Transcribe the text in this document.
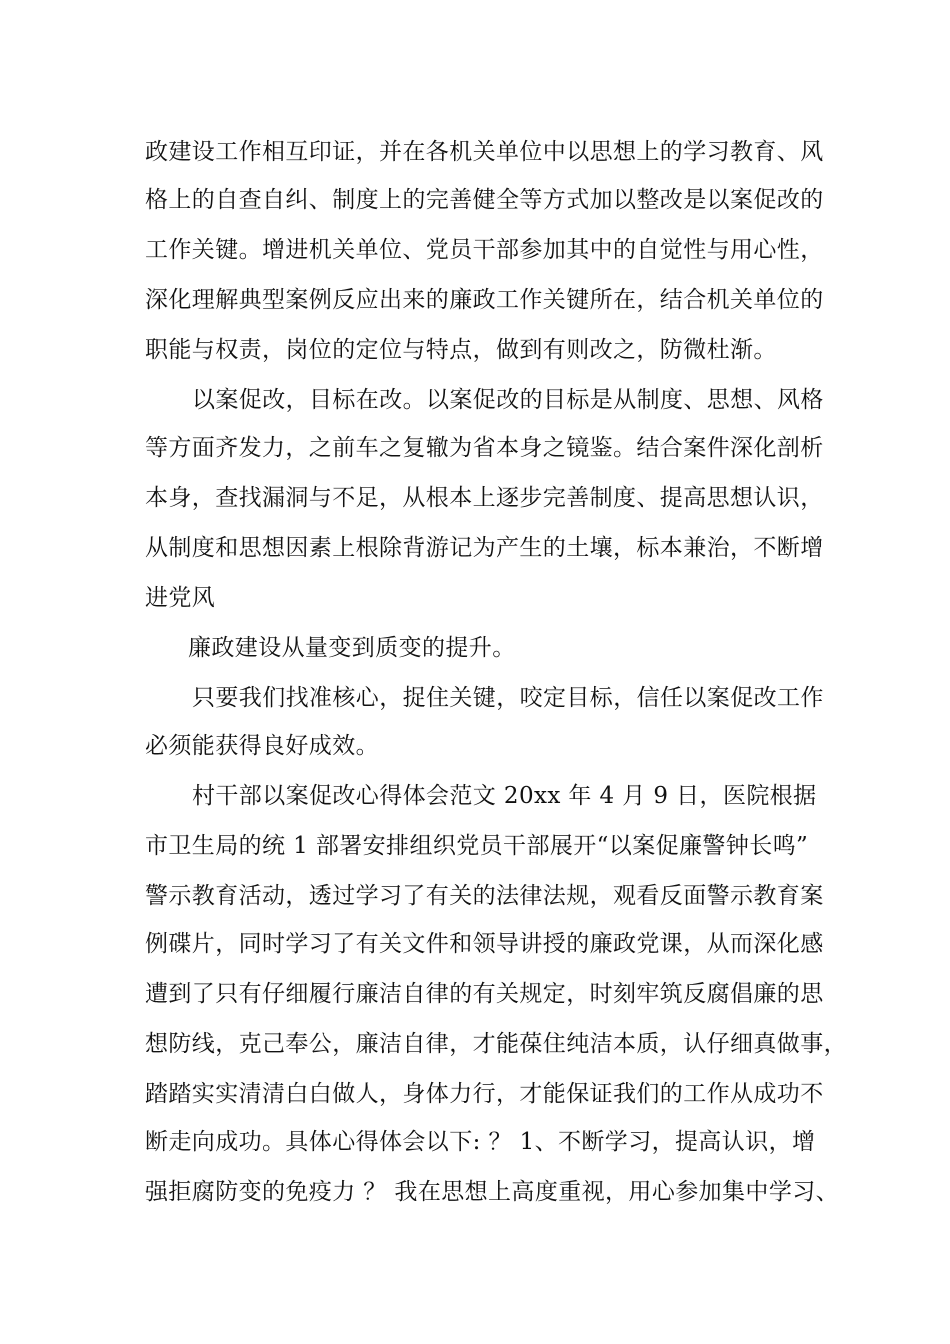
政建设工作相互印证，并在各机关单位中以思想上的学习教育、风
格上的自查自纠、制度上的完善健全等方式加以整改是以案促改的
工作关键。增进机关单位、党员干部参加其中的自觉性与用心性，
深化理解典型案例反应出来的廉政工作关键所在，结合机关单位的
职能与权责，岗位的定位与特点，做到有则改之，防微杜渐。
以案促改，目标在改。以案促改的目标是从制度、思想、风格
等方面齐发力，之前车之复辙为省本身之镜鉴。结合案件深化剖析
本身，查找漏洞与不足，从根本上逐步完善制度、提高思想认识，
从制度和思想因素上根除背游记为产生的土壤，标本兼治，不断增
进党风
廉政建设从量变到质变的提升。
只要我们找准核心，捉住关键，咬定目标，信任以案促改工作
必须能获得良好成效。
村干部以案促改心得体会范文 20xx 年 4 月 9 日，医院根据
市卫生局的统 1 部署安排组织党员干部展开“以案促廉警钟长鸣”
警示教育活动，透过学习了有关的法律法规，观看反面警示教育案
例碟片，同时学习了有关文件和领导讲授的廉政党课，从而深化感
遭到了只有仔细履行廉洁自律的有关规定，时刻牢筑反腐倡廉的思
想防线，克己奉公，廉洁自律，才能葆住纯洁本质，认仔细真做事，
踏踏实实清清白白做人，身体力行，才能保证我们的工作从成功不
断走向成功。具体心得体会以下: ？ 1、不断学习，提高认识，增
强拒腐防变的免疫力 ？ 我在思想上高度重视，用心参加集中学习、
